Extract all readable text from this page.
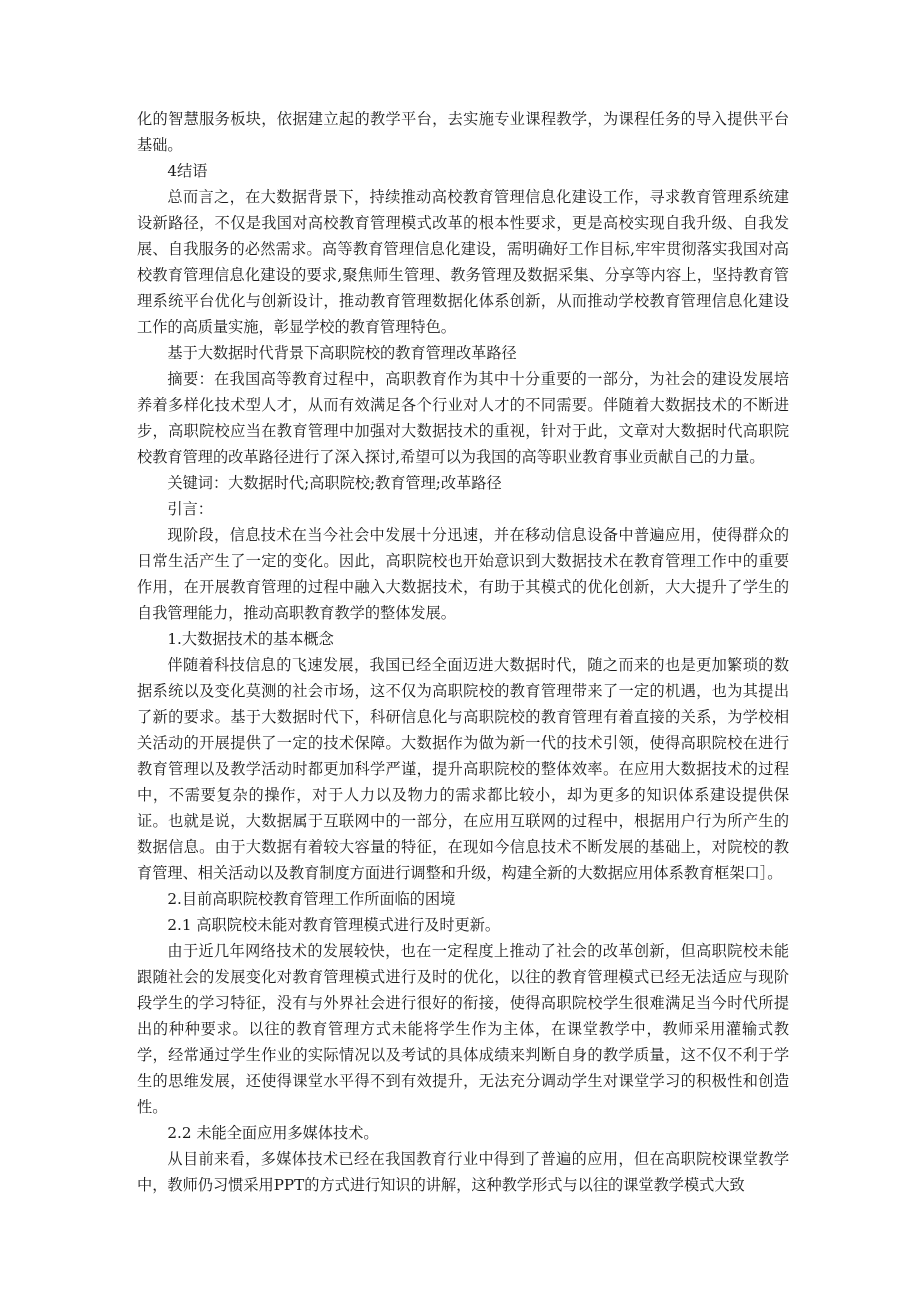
化的智慧服务板块，依据建立起的教学平台，去实施专业课程教学，为课程任务的导入提供平台基础。

4结语

总而言之，在大数据背景下，持续推动高校教育管理信息化建设工作，寻求教育管理系统建设新路径，不仅是我国对高校教育管理模式改革的根本性要求，更是高校实现自我升级、自我发展、自我服务的必然需求。高等教育管理信息化建设，需明确好工作目标,牢牢贯彻落实我国对高校教育管理信息化建设的要求,聚焦师生管理、教务管理及数据采集、分享等内容上，坚持教育管理系统平台优化与创新设计，推动教育管理数据化体系创新，从而推动学校教育管理信息化建设工作的高质量实施，彰显学校的教育管理特色。

基于大数据时代背景下高职院校的教育管理改革路径

摘要：在我国高等教育过程中，高职教育作为其中十分重要的一部分，为社会的建设发展培养着多样化技术型人才，从而有效满足各个行业对人才的不同需要。伴随着大数据技术的不断进步，高职院校应当在教育管理中加强对大数据技术的重视，针对于此，文章对大数据时代高职院校教育管理的改革路径进行了深入探讨,希望可以为我国的高等职业教育事业贡献自己的力量。

关键词：大数据时代;高职院校;教育管理;改革路径

引言：

现阶段，信息技术在当今社会中发展十分迅速，并在移动信息设备中普遍应用，使得群众的日常生活产生了一定的变化。因此，高职院校也开始意识到大数据技术在教育管理工作中的重要作用，在开展教育管理的过程中融入大数据技术，有助于其模式的优化创新，大大提升了学生的自我管理能力，推动高职教育教学的整体发展。

1.大数据技术的基本概念

伴随着科技信息的飞速发展，我国已经全面迈进大数据时代，随之而来的也是更加繁琐的数据系统以及变化莫测的社会市场，这不仅为高职院校的教育管理带来了一定的机遇，也为其提出了新的要求。基于大数据时代下，科研信息化与高职院校的教育管理有着直接的关系，为学校相关活动的开展提供了一定的技术保障。大数据作为做为新一代的技术引领，使得高职院校在进行教育管理以及教学活动时都更加科学严谨，提升高职院校的整体效率。在应用大数据技术的过程中，不需要复杂的操作，对于人力以及物力的需求都比较小，却为更多的知识体系建设提供保证。也就是说，大数据属于互联网中的一部分，在应用互联网的过程中，根据用户行为所产生的数据信息。由于大数据有着较大容量的特征，在现如今信息技术不断发展的基础上，对院校的教育管理、相关活动以及教育制度方面进行调整和升级，构建全新的大数据应用体系教育框架口］。

2.目前高职院校教育管理工作所面临的困境

2.1 高职院校未能对教育管理模式进行及时更新。

由于近几年网络技术的发展较快，也在一定程度上推动了社会的改革创新，但高职院校未能跟随社会的发展变化对教育管理模式进行及时的优化，以往的教育管理模式已经无法适应与现阶段学生的学习特征，没有与外界社会进行很好的衔接，使得高职院校学生很难满足当今时代所提出的种种要求。以往的教育管理方式未能将学生作为主体，在课堂教学中，教师采用灌输式教学，经常通过学生作业的实际情况以及考试的具体成绩来判断自身的教学质量，这不仅不利于学生的思维发展，还使得课堂水平得不到有效提升，无法充分调动学生对课堂学习的积极性和创造性。

2.2 未能全面应用多媒体技术。

从目前来看，多媒体技术已经在我国教育行业中得到了普遍的应用，但在高职院校课堂教学中，教师仍习惯采用PPT的方式进行知识的讲解，这种教学形式与以往的课堂教学模式大致
